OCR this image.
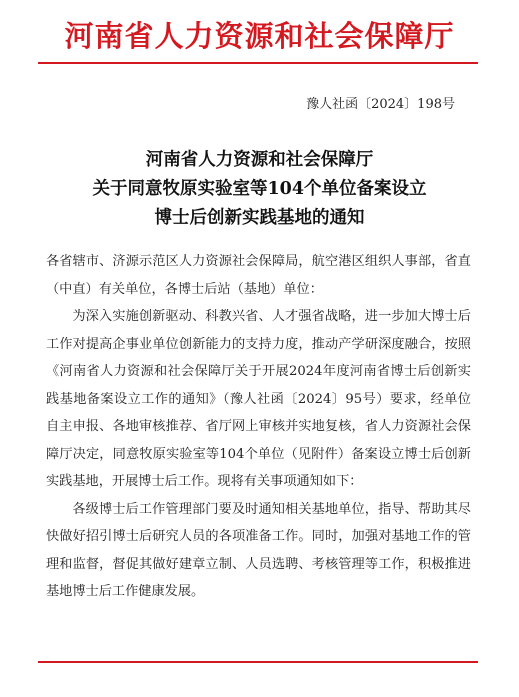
河南省人力资源和社会保障厅
豫人社函〔2024〕198号
河南省人力资源和社会保障厅
关于同意牧原实验室等104个单位备案设立
博士后创新实践基地的通知

各省辖市、济源示范区人力资源社会保障局，航空港区组织人事部，省直（中直）有关单位，各博士后站（基地）单位：

为深入实施创新驱动、科教兴省、人才强省战略，进一步加大博士后工作对提高企事业单位创新能力的支持力度，推动产学研深度融合，按照《河南省人力资源和社会保障厅关于开展2024年度河南省博士后创新实践基地备案设立工作的通知》（豫人社函〔2024〕95号）要求，经单位自主申报、各地审核推荐、省厅网上审核并实地复核，省人力资源社会保障厅决定，同意牧原实验室等104个单位（见附件）备案设立博士后创新实践基地，开展博士后工作。现将有关事项通知如下：

各级博士后工作管理部门要及时通知相关基地单位，指导、帮助其尽快做好招引博士后研究人员的各项准备工作。同时，加强对基地工作的管理和监督，督促其做好建章立制、人员选聘、考核管理等工作，积极推进基地博士后工作健康发展。
